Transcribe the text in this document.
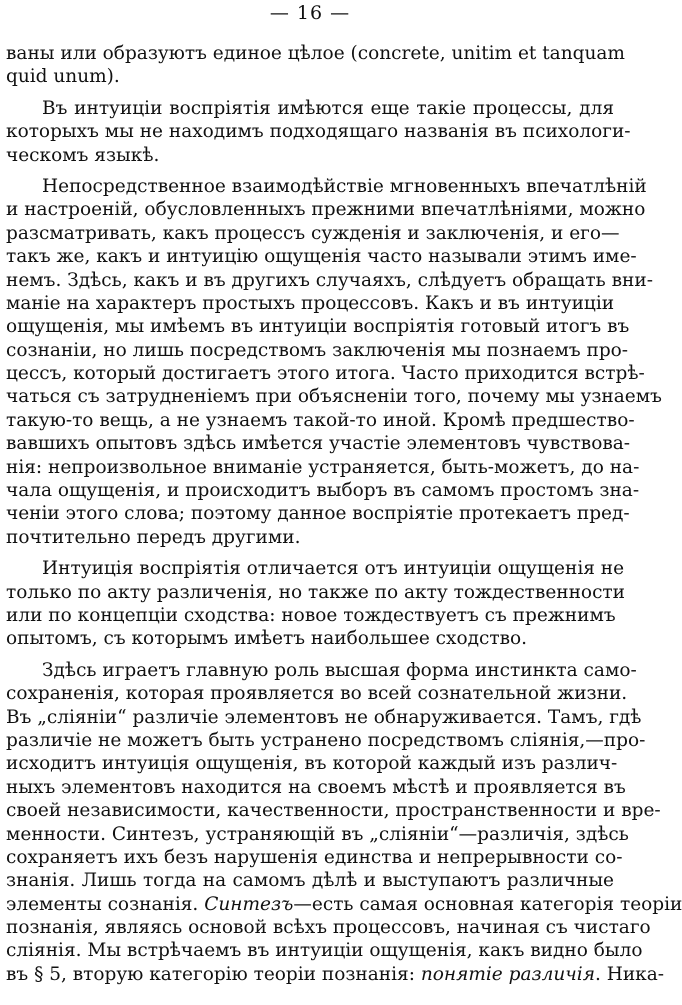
— 16 —
ваны или образуютъ единое цѣлое (concrete, unitim et tanquam
quid unum).
Въ интуиціи воспріятія имѣются еще такіе процессы, для
которыхъ мы не находимъ подходящаго названія въ психологи-
ческомъ языкѣ.
Непосредственное взаимодѣйствіе мгновенныхъ впечатлѣній
и настроеній, обусловленныхъ прежними впечатлѣніями, можно
разсматривать, какъ процессъ сужденія и заключенія, и его—
такъ же, какъ и интуицію ощущенія часто называли этимъ име-
немъ. Здѣсь, какъ и въ другихъ случаяхъ, слѣдуетъ обращать вни-
маніе на характеръ простыхъ процессовъ. Какъ и въ интуиціи
ощущенія, мы имѣемъ въ интуиціи воспріятія готовый итогъ въ
сознаніи, но лишь посредствомъ заключенія мы познаемъ про-
цессъ, который достигаетъ этого итога. Часто приходится встрѣ-
чаться съ затрудненіемъ при объясненіи того, почему мы узнаемъ
такую-то вещь, а не узнаемъ такой-то иной. Кромѣ предшество-
вавшихъ опытовъ здѣсь имѣется участіе элементовъ чувствова-
нія: непроизвольное вниманіе устраняется, быть-можетъ, до на-
чала ощущенія, и происходитъ выборъ въ самомъ простомъ зна-
ченіи этого слова; поэтому данное воспріятіе протекаетъ пред-
почтительно передъ другими.
Интуиція воспріятія отличается отъ интуиціи ощущенія не
только по акту различенія, но также по акту тождественности
или по концепціи сходства: новое тождествуетъ съ прежнимъ
опытомъ, съ которымъ имѣетъ наибольшее сходство.
Здѣсь играетъ главную роль высшая форма инстинкта само-
сохраненія, которая проявляется во всей сознательной жизни.
Въ „сліяніи“ различіе элементовъ не обнаруживается. Тамъ, гдѣ
различіе не можетъ быть устранено посредствомъ сліянія,—про-
исходитъ интуиція ощущенія, въ которой каждый изъ различ-
ныхъ элементовъ находится на своемъ мѣстѣ и проявляется въ
своей независимости, качественности, пространственности и вре-
менности. Синтезъ, устраняющій въ „сліяніи“—различія, здѣсь
сохраняетъ ихъ безъ нарушенія единства и непрерывности со-
знанія. Лишь тогда на самомъ дѣлѣ и выступаютъ различные
элементы сознанія. Синтезъ—есть самая основная категорія теоріи
познанія, являясь основой всѣхъ процессовъ, начиная съ чистаго
сліянія. Мы встрѣчаемъ въ интуиціи ощущенія, какъ видно было
въ § 5, вторую категорію теоріи познанія: понятіе различія. Ника-
